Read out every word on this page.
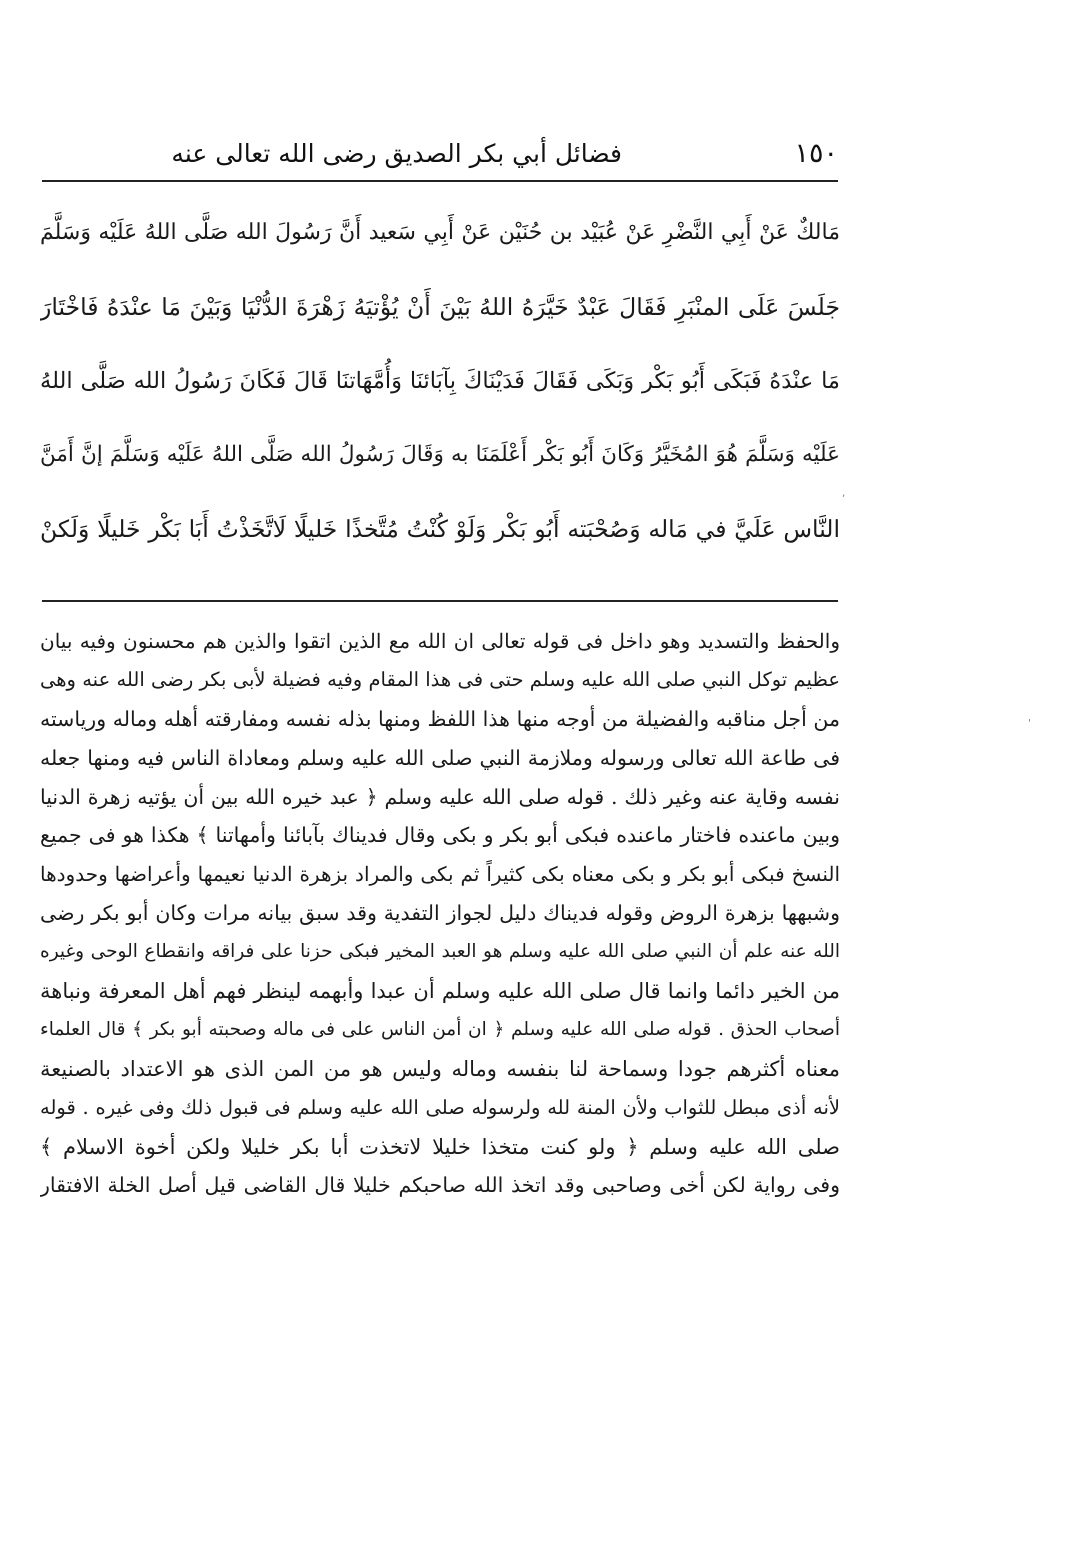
١٥٠
فضائل أبي بكر الصديق رضى الله تعالى عنه
مَالكٌ عَنْ أَبِي النَّضْرِ عَنْ عُبَيْد بن حُنَيْن عَنْ أَبِي سَعيد أَنَّ رَسُولَ الله صَلَّى اللهُ عَلَيْه وَسَلَّمَ
جَلَسَ عَلَى المنْبَرِ فَقَالَ عَبْدٌ خَيَّرَهُ اللهُ بَيْنَ أَنْ يُؤْتيَهُ زَهْرَةَ الدُّنْيَا وَبَيْنَ مَا عنْدَهُ فَاخْتَارَ
مَا عنْدَهُ فَبَكَى أَبُو بَكْر وَبَكَى فَقَالَ فَدَيْنَاكَ بِآبَائنَا وَأُمَّهَاتنَا قَالَ فَكَانَ رَسُولُ الله صَلَّى اللهُ
عَلَيْه وَسَلَّمَ هُوَ المُخَيَّرُ وَكَانَ أَبُو بَكْر أَعْلَمَنَا به وَقَالَ رَسُولُ الله صَلَّى اللهُ عَلَيْه وَسَلَّمَ إنَّ أَمَنَّ
النَّاس عَلَيَّ في مَاله وَصُحْبَته أَبُو بَكْر وَلَوْ كُنْتُ مُتَّخذًا خَليلًا لَاتَّخَذْتُ أَبَا بَكْر خَليلًا وَلَكنْ
والحفظ والتسديد وهو داخل فى قوله تعالى ان الله مع الذين اتقوا والذين هم محسنون وفيه بيان
عظيم توكل النبي صلى الله عليه وسلم حتى فى هذا المقام وفيه فضيلة لأبى بكر رضى الله عنه وهى
من أجل مناقبه والفضيلة من أوجه منها هذا اللفظ ومنها بذله نفسه ومفارقته أهله وماله ورياسته
فى طاعة الله تعالى ورسوله وملازمة النبي صلى الله عليه وسلم ومعاداة الناس فيه ومنها جعله
نفسه وقاية عنه وغير ذلك . قوله صلى الله عليه وسلم ﴿ عبد خيره الله بين أن يؤتيه زهرة الدنيا
وبين ماعنده فاختار ماعنده فبكى أبو بكر و بكى وقال فديناك بآبائنا وأمهاتنا ﴾ هكذا هو فى جميع
النسخ فبكى أبو بكر و بكى معناه بكى كثيراً ثم بكى والمراد بزهرة الدنيا نعيمها وأعراضها وحدودها
وشبهها بزهرة الروض وقوله فديناك دليل لجواز التفدية وقد سبق بيانه مرات وكان أبو بكر رضى
الله عنه علم أن النبي صلى الله عليه وسلم هو العبد المخير فبكى حزنا على فراقه وانقطاع الوحى وغيره
من الخير دائما وانما قال صلى الله عليه وسلم أن عبدا وأبهمه لينظر فهم أهل المعرفة ونباهة
أصحاب الحذق . قوله صلى الله عليه وسلم ﴿ ان أمن الناس على فى ماله وصحبته أبو بكر ﴾ قال العلماء
معناه أكثرهم جودا وسماحة لنا بنفسه وماله وليس هو من المن الذى هو الاعتداد بالصنيعة
لأنه أذى مبطل للثواب ولأن المنة لله ولرسوله صلى الله عليه وسلم فى قبول ذلك وفى غيره . قوله
صلى الله عليه وسلم ﴿ ولو كنت متخذا خليلا لاتخذت أبا بكر خليلا ولكن أخوة الاسلام ﴾
وفى رواية لكن أخى وصاحبى وقد اتخذ الله صاحبكم خليلا قال القاضى قيل أصل الخلة الافتقار
,
'
